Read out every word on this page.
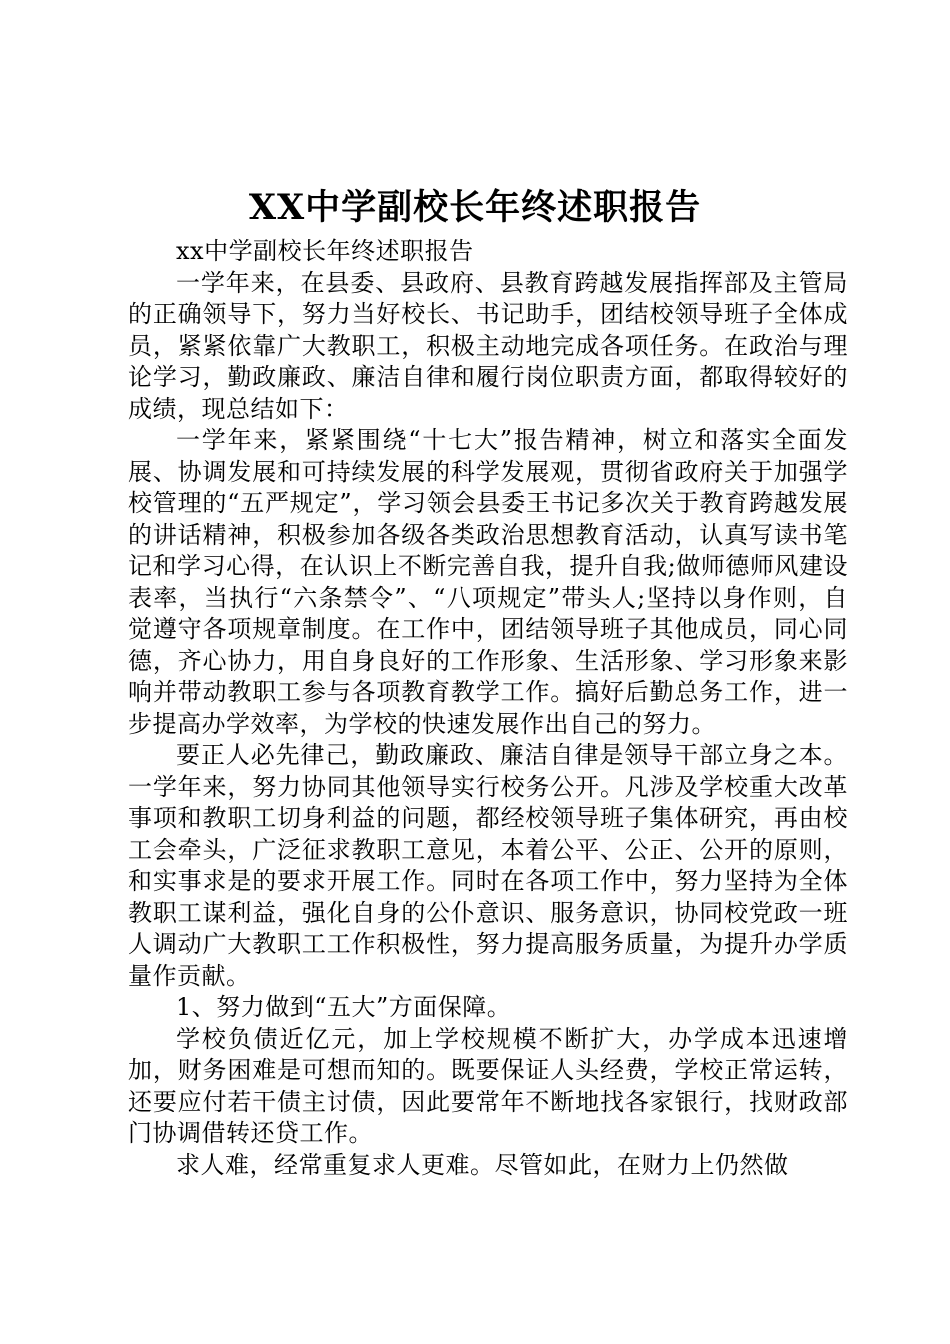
XX中学副校长年终述职报告

xx中学副校长年终述职报告

一学年来，在县委、县政府、县教育跨越发展指挥部及主管局的正确领导下，努力当好校长、书记助手，团结校领导班子全体成员，紧紧依靠广大教职工，积极主动地完成各项任务。在政治与理论学习，勤政廉政、廉洁自律和履行岗位职责方面，都取得较好的成绩，现总结如下：

一学年来，紧紧围绕“十七大”报告精神，树立和落实全面发展、协调发展和可持续发展的科学发展观，贯彻省政府关于加强学校管理的“五严规定”，学习领会县委王书记多次关于教育跨越发展的讲话精神，积极参加各级各类政治思想教育活动，认真写读书笔记和学习心得，在认识上不断完善自我，提升自我;做师德师风建设表率，当执行“六条禁令”、“八项规定”带头人;坚持以身作则，自觉遵守各项规章制度。在工作中，团结领导班子其他成员，同心同德，齐心协力，用自身良好的工作形象、生活形象、学习形象来影响并带动教职工参与各项教育教学工作。搞好后勤总务工作，进一步提高办学效率，为学校的快速发展作出自己的努力。

要正人必先律己，勤政廉政、廉洁自律是领导干部立身之本。一学年来，努力协同其他领导实行校务公开。凡涉及学校重大改革事项和教职工切身利益的问题，都经校领导班子集体研究，再由校工会牵头，广泛征求教职工意见，本着公平、公正、公开的原则，和实事求是的要求开展工作。同时在各项工作中，努力坚持为全体教职工谋利益，强化自身的公仆意识、服务意识，协同校党政一班人调动广大教职工工作积极性，努力提高服务质量，为提升办学质量作贡献。

1、努力做到“五大”方面保障。

学校负债近亿元，加上学校规模不断扩大，办学成本迅速增加，财务困难是可想而知的。既要保证人头经费，学校正常运转，还要应付若干债主讨债，因此要常年不断地找各家银行，找财政部门协调借转还贷工作。

求人难，经常重复求人更难。尽管如此，在财力上仍然做
